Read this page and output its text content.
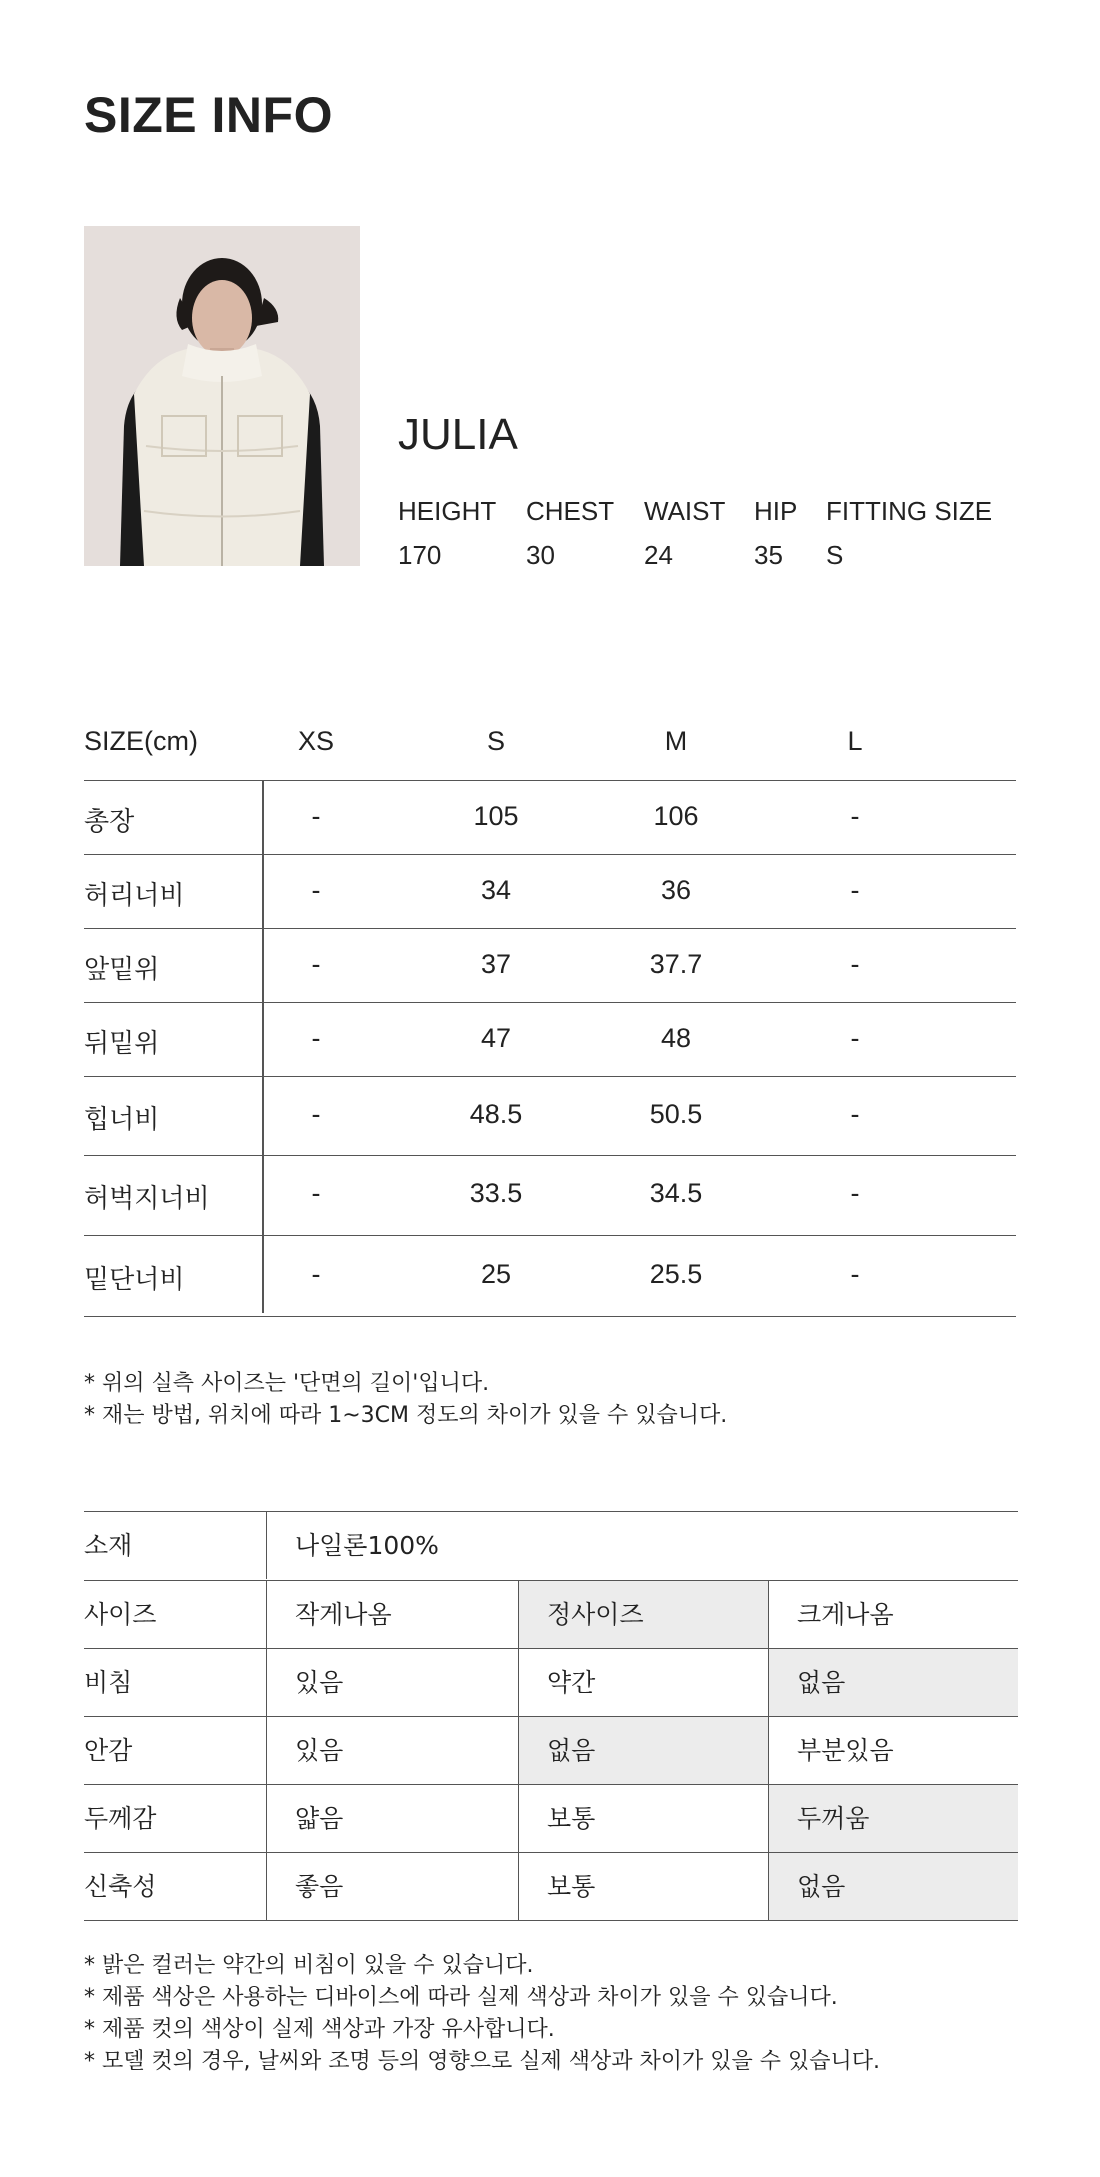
SIZE INFO
JULIA
HEIGHT CHEST WAIST HIP FITTING SIZE
170	30	24	35 S
SIZE(cm)	XS	S	M	L
총장	-	105	106	-
허리너비	-	34	36	-
앞밑위	-	37	37.7	-
뒤밑위	-	47	48	-
힙너비	-	48.5	50.5	-
허벅지너비	-	33.5	34.5	-
밑단너비	-	25	25.5	-
* 위의 실측 사이즈는 '단면의 길이'입니다.
* 재는 방법, 위치에 따라 1~3CM 정도의 차이가 있을 수 있습니다.
소재	나일론100%
사이즈	작게나옴	정사이즈	크게나옴
비침	있음	약간	없음
안감	있음	없음	부분있음
두께감	얇음	보통	두꺼움
신축성	좋음	보통	없음
* 밝은 컬러는 약간의 비침이 있을 수 있습니다.
* 제품 색상은 사용하는 디바이스에 따라 실제 색상과 차이가 있을 수 있습니다.
* 제품 컷의 색상이 실제 색상과 가장 유사합니다.
* 모델 컷의 경우, 날씨와 조명 등의 영향으로 실제 색상과 차이가 있을 수 있습니다.
